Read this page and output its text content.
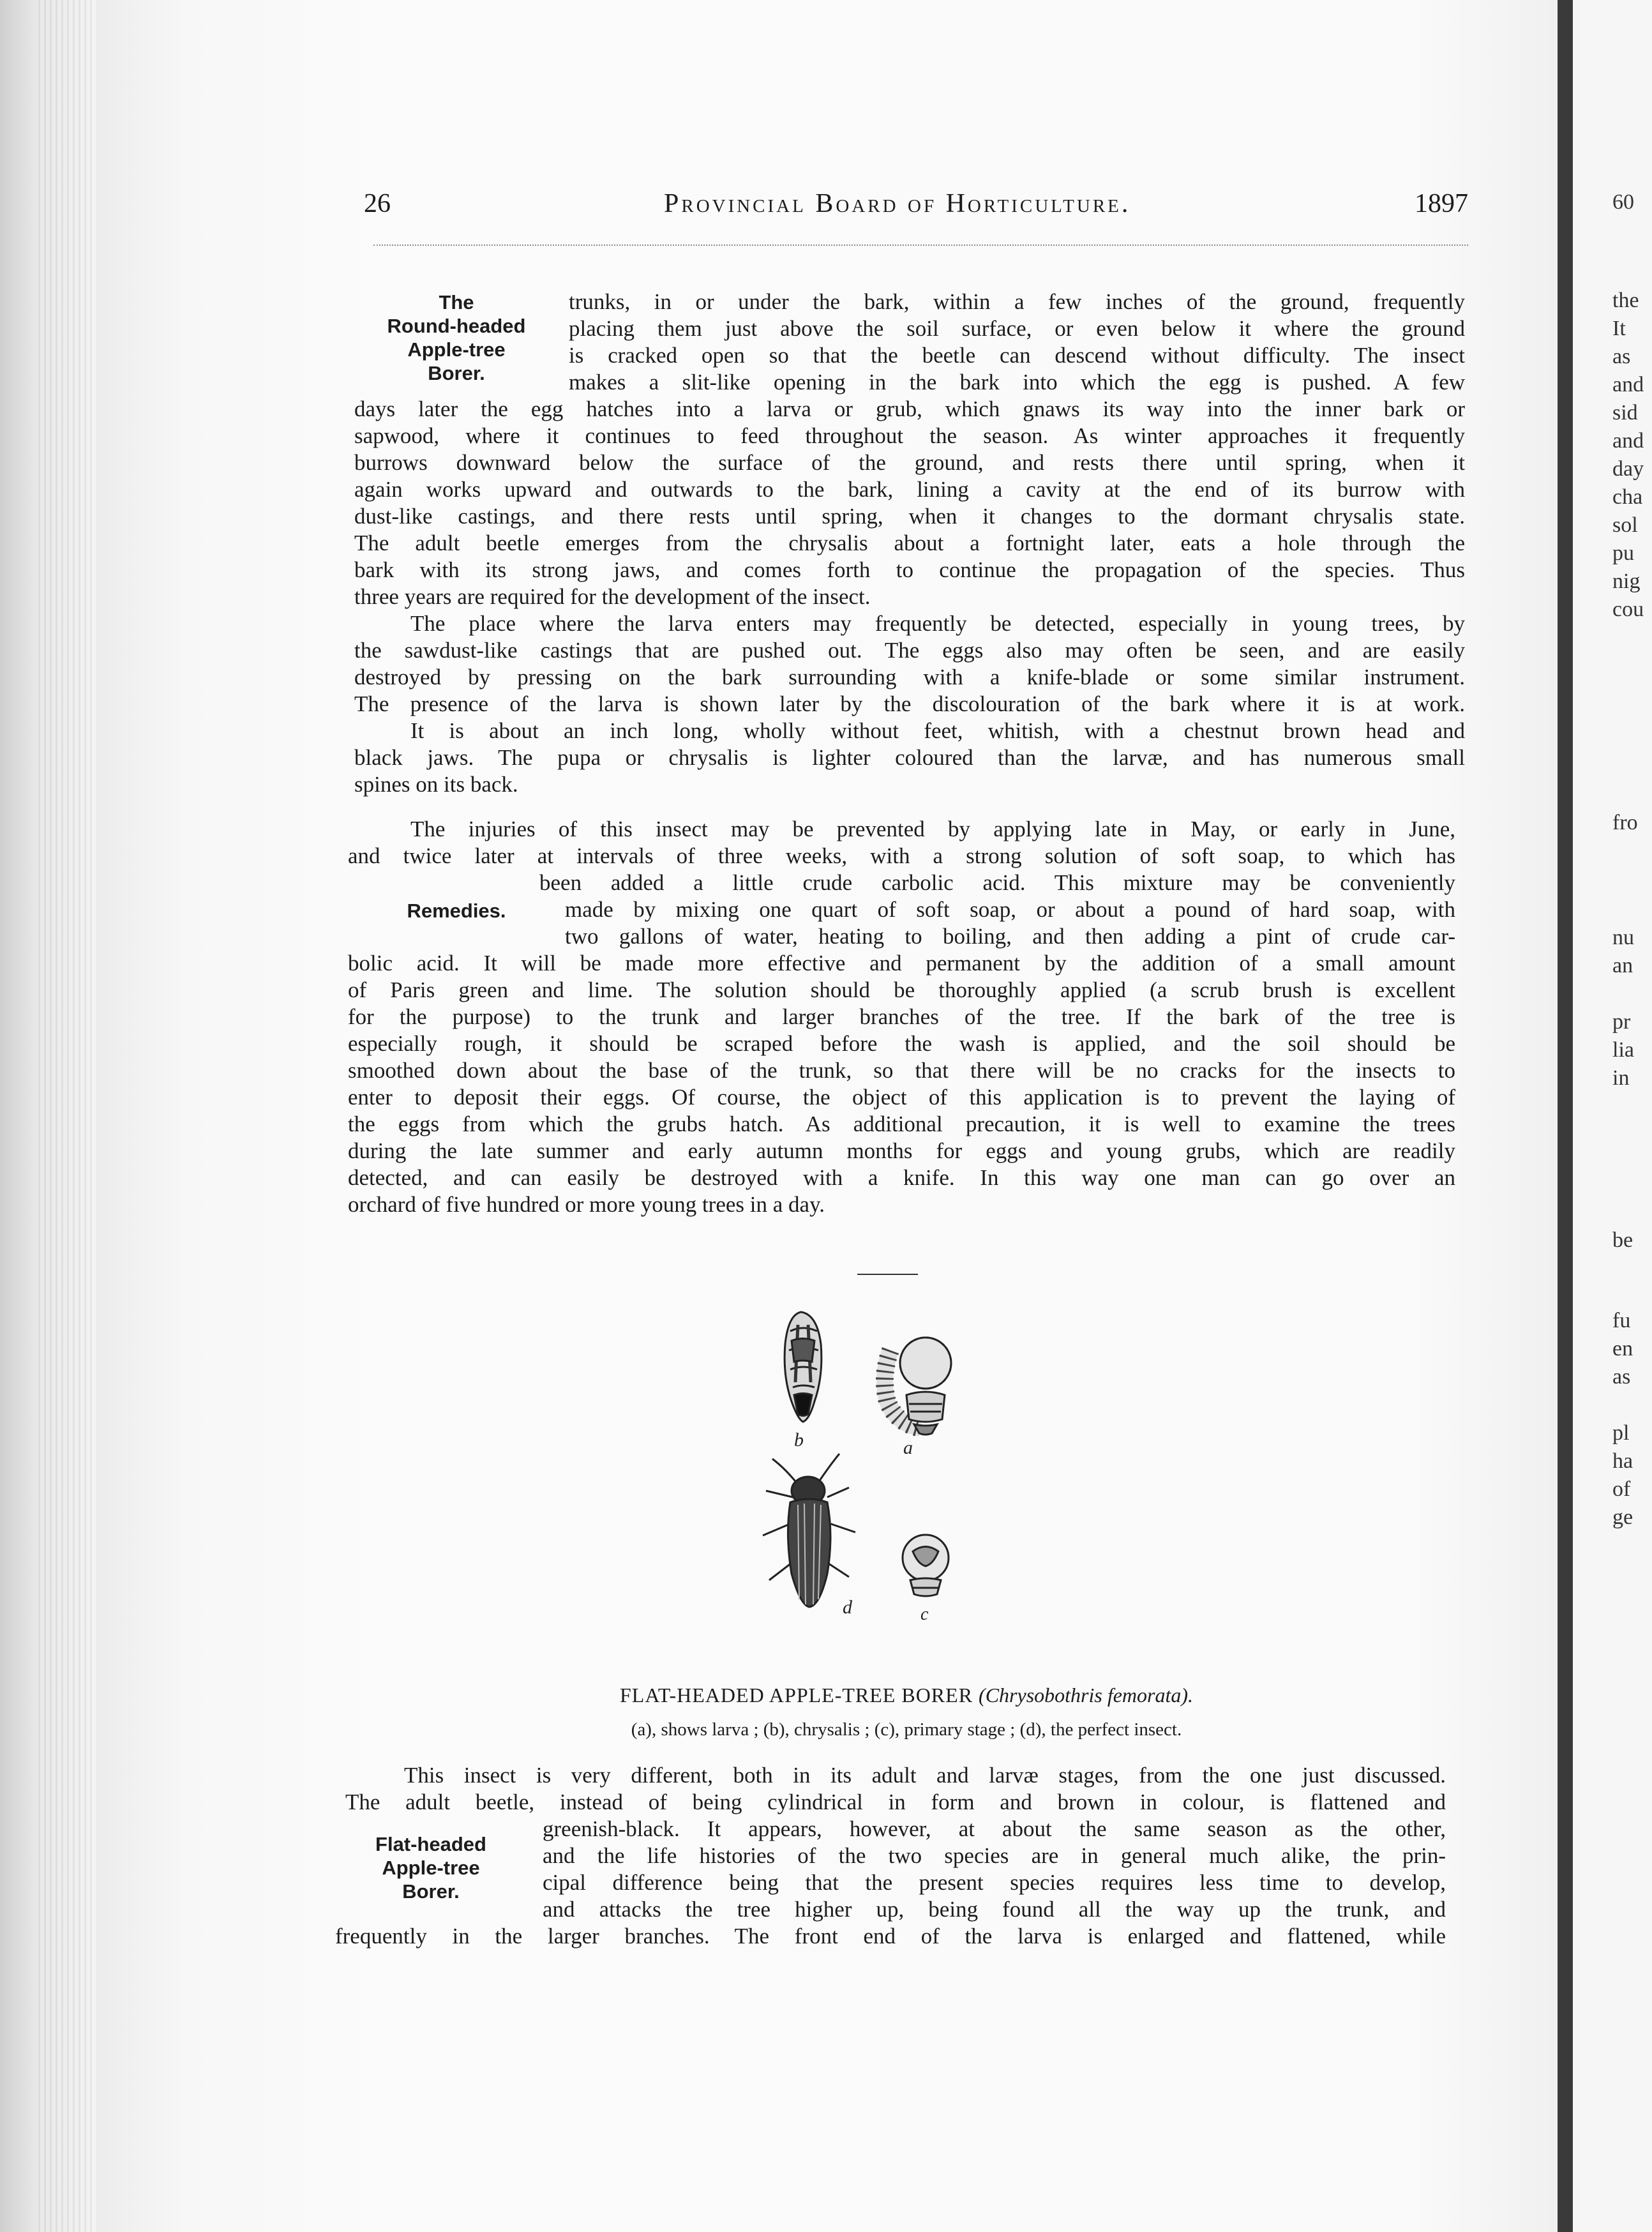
60
the
It
as
and
sid
and
day
cha
sol
pu
nig
cou
fro
nu
an
pr
lia
in
be
fu
en
as
pl
ha
of
ge
26	Provincial Board of Horticulture.	1897
The
Round-headed
Apple-tree
Borer.
trunks, in or under the bark, within a few inches of the ground, frequently
placing them just above the soil surface, or even below it where the ground
is cracked open so that the beetle can descend without difficulty. The insect
makes a slit-like opening in the bark into which the egg is pushed. A few
days later the egg hatches into a larva or grub, which gnaws its way into the inner bark or
sapwood, where it continues to feed throughout the season. As winter approaches it frequently
burrows downward below the surface of the ground, and rests there until spring, when it
again works upward and outwards to the bark, lining a cavity at the end of its burrow with
dust-like castings, and there rests until spring, when it changes to the dormant chrysalis state.
The adult beetle emerges from the chrysalis about a fortnight later, eats a hole through the
bark with its strong jaws, and comes forth to continue the propagation of the species. Thus
three years are required for the development of the insect.
The place where the larva enters may frequently be detected, especially in young trees, by
the sawdust-like castings that are pushed out. The eggs also may often be seen, and are easily
destroyed by pressing on the bark surrounding with a knife-blade or some similar instrument.
The presence of the larva is shown later by the discolouration of the bark where it is at work.
It is about an inch long, wholly without feet, whitish, with a chestnut brown head and
black jaws. The pupa or chrysalis is lighter coloured than the larvæ, and has numerous small
spines on its back.
Remedies.
The injuries of this insect may be prevented by applying late in May, or early in June,
and twice later at intervals of three weeks, with a strong solution of soft soap, to which has
been added a little crude carbolic acid. This mixture may be conveniently
made by mixing one quart of soft soap, or about a pound of hard soap, with
two gallons of water, heating to boiling, and then adding a pint of crude car-
bolic acid. It will be made more effective and permanent by the addition of a small amount
of Paris green and lime. The solution should be thoroughly applied (a scrub brush is excellent
for the purpose) to the trunk and larger branches of the tree. If the bark of the tree is
especially rough, it should be scraped before the wash is applied, and the soil should be
smoothed down about the base of the trunk, so that there will be no cracks for the insects to
enter to deposit their eggs. Of course, the object of this application is to prevent the laying of
the eggs from which the grubs hatch. As additional precaution, it is well to examine the trees
during the late summer and early autumn months for eggs and young grubs, which are readily
detected, and can easily be destroyed with a knife. In this way one man can go over an
orchard of five hundred or more young trees in a day.
b	a
d	c
FLAT-HEADED APPLE-TREE BORER (Chrysobothris femorata).
(a), shows larva ; (b), chrysalis ; (c), primary stage ; (d), the perfect insect.
Flat-headed
Apple-tree
Borer.
This insect is very different, both in its adult and larvæ stages, from the one just discussed.
The adult beetle, instead of being cylindrical in form and brown in colour, is flattened and
greenish-black. It appears, however, at about the same season as the other,
and the life histories of the two species are in general much alike, the prin-
cipal difference being that the present species requires less time to develop,
and attacks the tree higher up, being found all the way up the trunk, and
frequently in the larger branches. The front end of the larva is enlarged and flattened, while
